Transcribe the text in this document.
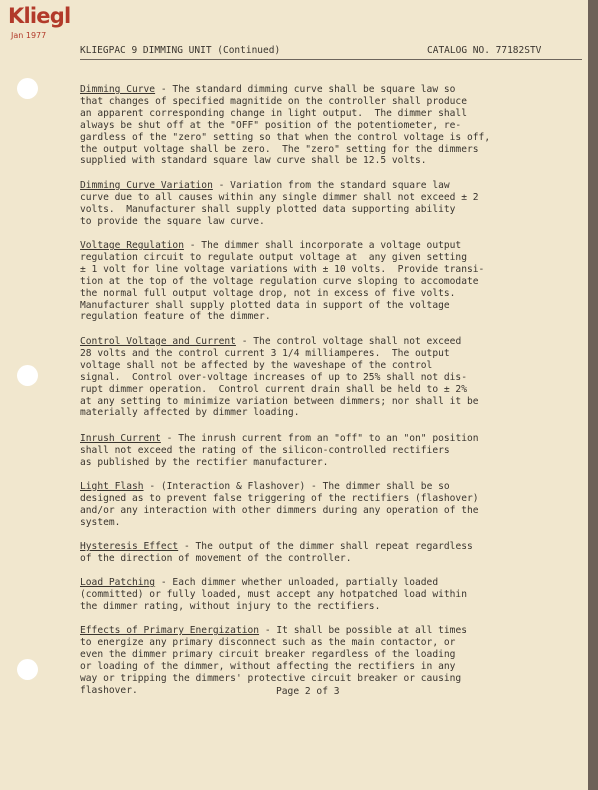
Kliegl
Jan 1977
KLIEGPAC 9 DIMMING UNIT (Continued)	CATALOG NO. 77182STV
Dimming Curve - The standard dimming curve shall be square law so
that changes of specified magnitide on the controller shall produce
an apparent corresponding change in light output.  The dimmer shall
always be shut off at the "OFF" position of the potentiometer, re-
gardless of the "zero" setting so that when the control voltage is off,
the output voltage shall be zero.  The "zero" setting for the dimmers
supplied with standard square law curve shall be 12.5 volts.
Dimming Curve Variation - Variation from the standard square law
curve due to all causes within any single dimmer shall not exceed ± 2
volts.  Manufacturer shall supply plotted data supporting ability
to provide the square law curve.
Voltage Regulation - The dimmer shall incorporate a voltage output
regulation circuit to regulate output voltage at  any given setting
± 1 volt for line voltage variations with ± 10 volts.  Provide transi-
tion at the top of the voltage regulation curve sloping to accomodate
the normal full output voltage drop, not in excess of five volts.
Manufacturer shall supply plotted data in support of the voltage
regulation feature of the dimmer.
Control Voltage and Current - The control voltage shall not exceed
28 volts and the control current 3 1/4 milliamperes.  The output
voltage shall not be affected by the waveshape of the control
signal.  Control over-voltage increases of up to 25% shall not dis-
rupt dimmer operation.  Control current drain shall be held to ± 2%
at any setting to minimize variation between dimmers; nor shall it be
materially affected by dimmer loading.
Inrush Current - The inrush current from an "off" to an "on" position
shall not exceed the rating of the silicon-controlled rectifiers
as published by the rectifier manufacturer.
Light Flash - (Interaction & Flashover) - The dimmer shall be so
designed as to prevent false triggering of the rectifiers (flashover)
and/or any interaction with other dimmers during any operation of the
system.
Hysteresis Effect - The output of the dimmer shall repeat regardless
of the direction of movement of the controller.
Load Patching - Each dimmer whether unloaded, partially loaded
(committed) or fully loaded, must accept any hotpatched load within
the dimmer rating, without injury to the rectifiers.
Effects of Primary Energization - It shall be possible at all times
to energize any primary disconnect such as the main contactor, or
even the dimmer primary circuit breaker regardless of the loading
or loading of the dimmer, without affecting the rectifiers in any
way or tripping the dimmers' protective circuit breaker or causing
flashover.	Page 2 of 3
